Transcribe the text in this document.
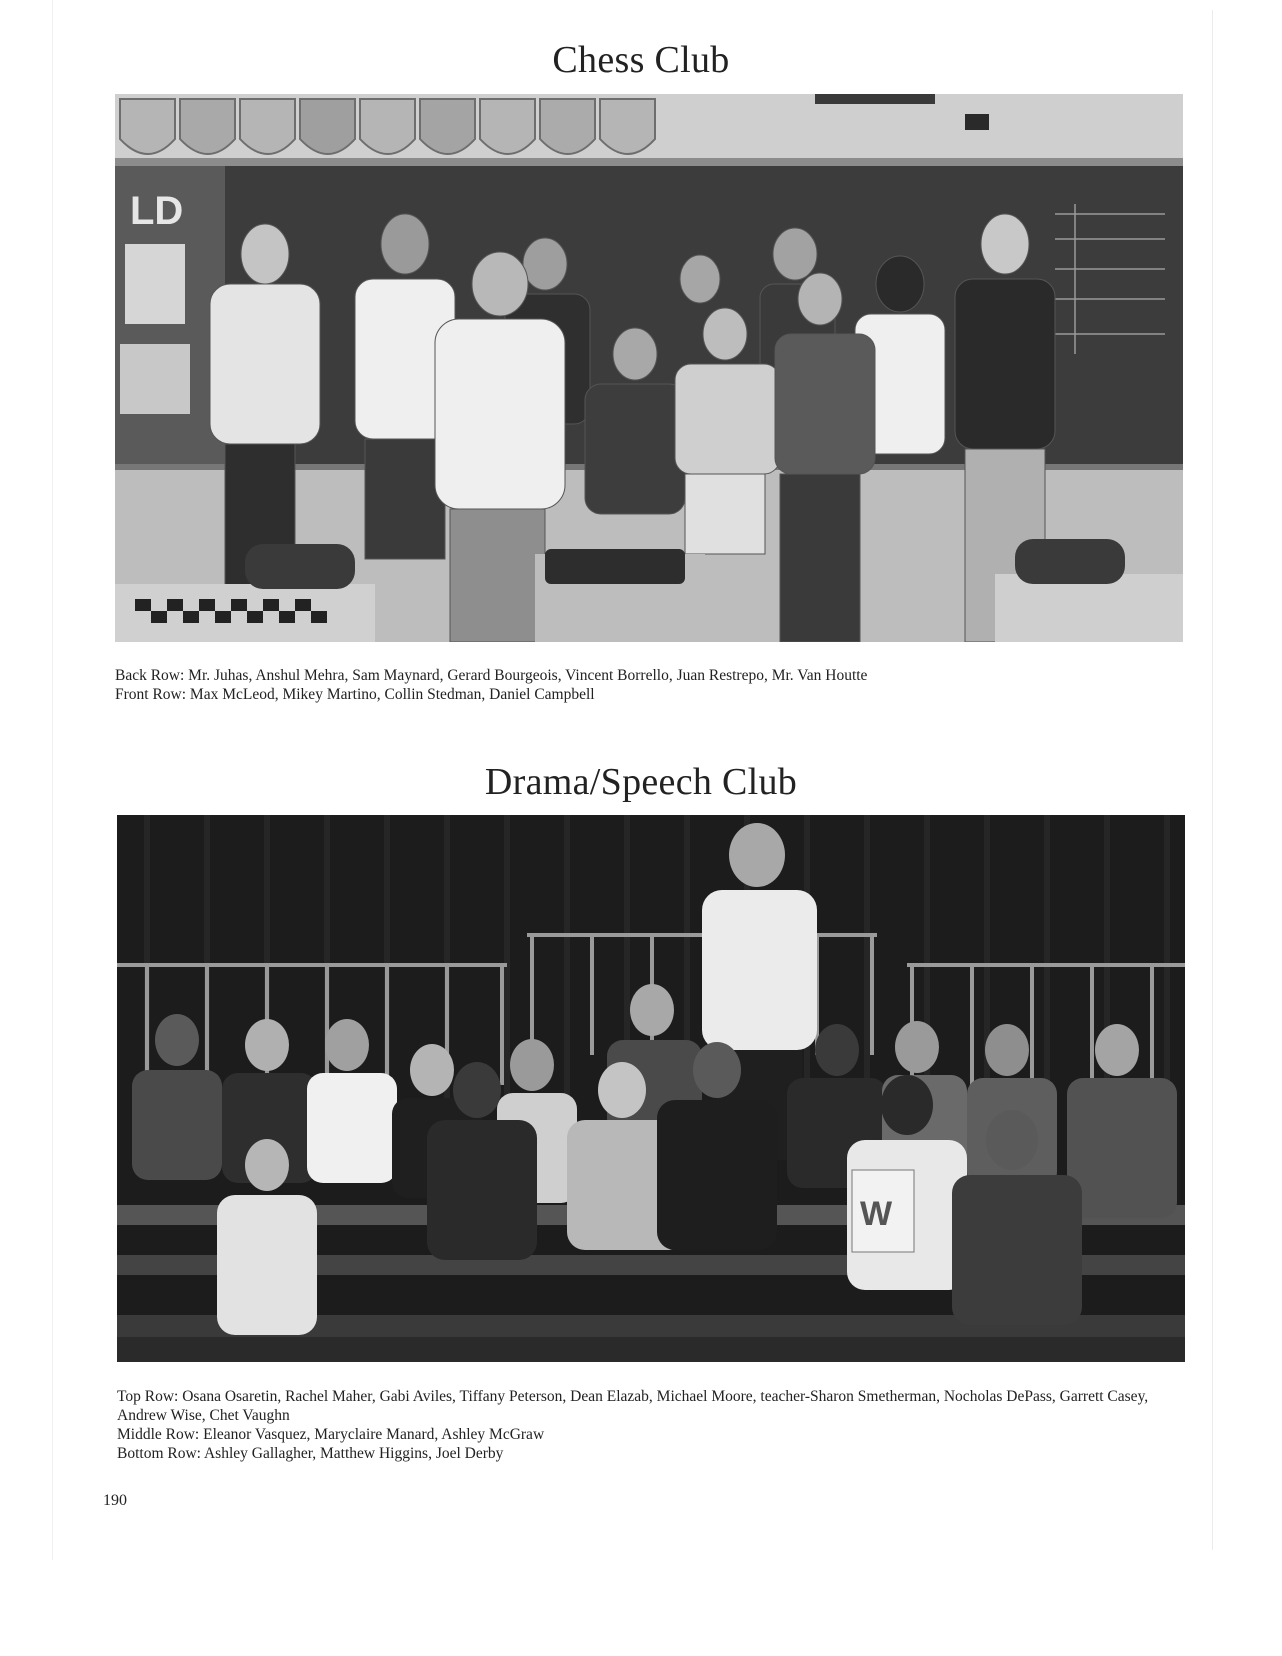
Chess Club
LD
Back Row: Mr. Juhas, Anshul Mehra, Sam Maynard, Gerard Bourgeois, Vincent Borrello, Juan Restrepo, Mr. Van Houtte
Front Row: Max McLeod, Mikey Martino, Collin Stedman, Daniel Campbell
Drama/Speech Club
W
Top Row: Osana Osaretin, Rachel Maher, Gabi Aviles, Tiffany Peterson, Dean Elazab, Michael Moore, teacher-Sharon Smetherman, Nocholas DePass, Garrett Casey, Andrew Wise, Chet Vaughn
Middle Row: Eleanor Vasquez, Maryclaire Manard, Ashley McGraw
Bottom Row: Ashley Gallagher, Matthew Higgins, Joel Derby
190
